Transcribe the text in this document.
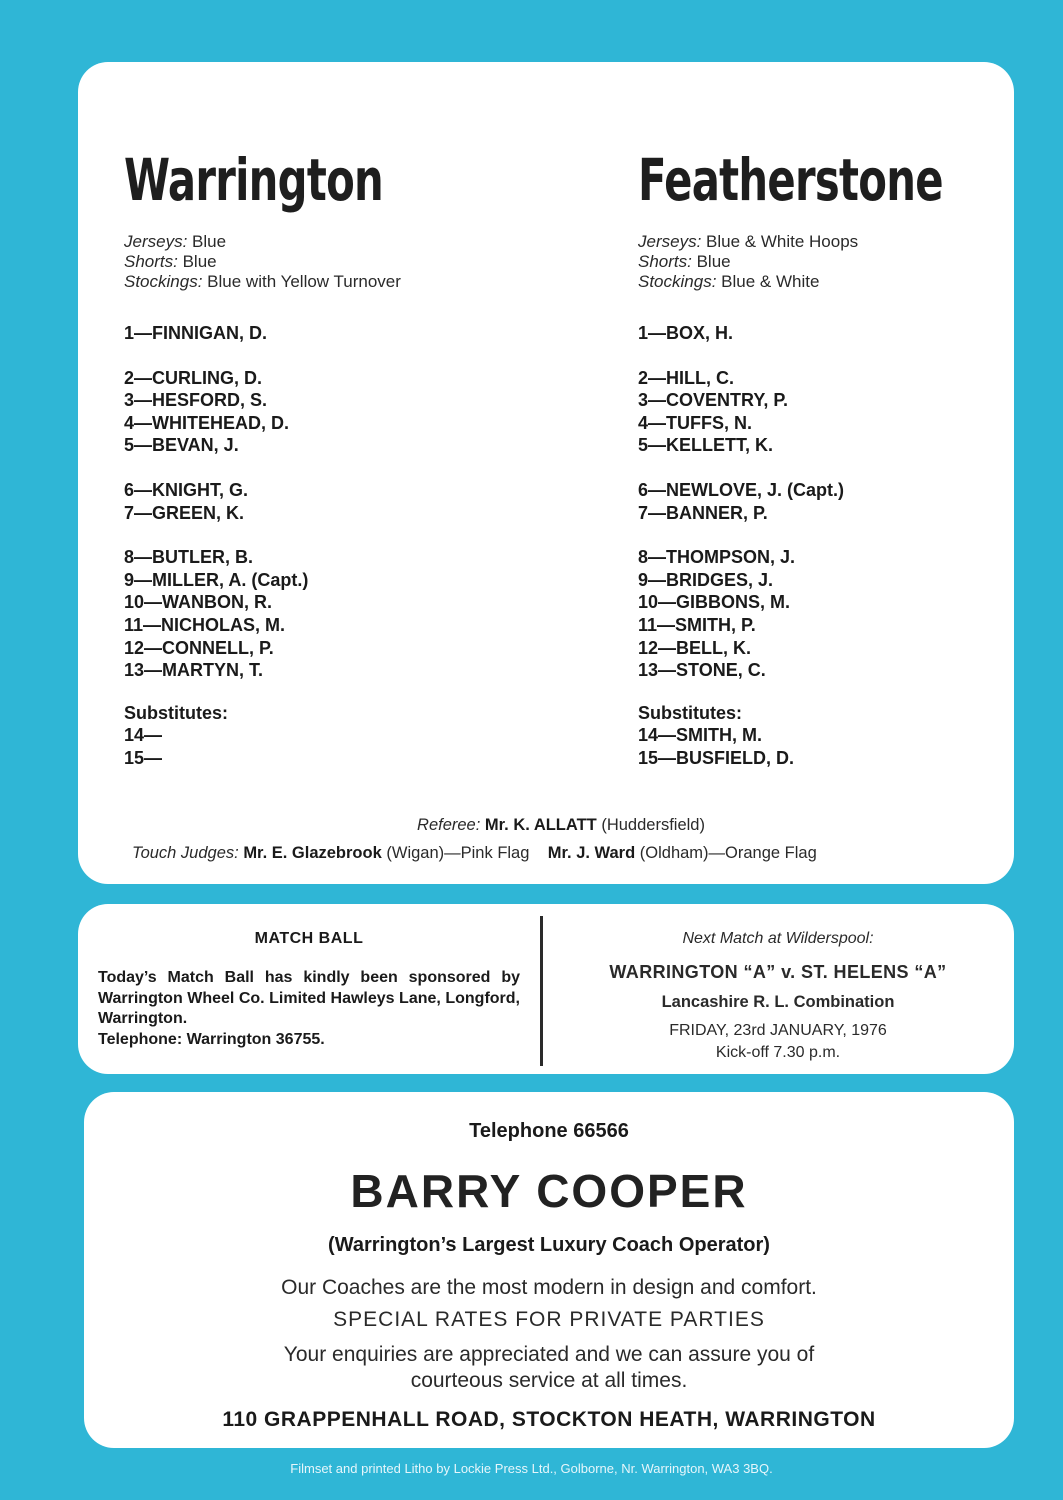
Warrington
Jerseys: Blue
Shorts: Blue
Stockings: Blue with Yellow Turnover
1—FINNIGAN, D.
2—CURLING, D.
3—HESFORD, S.
4—WHITEHEAD, D.
5—BEVAN, J.
6—KNIGHT, G.
7—GREEN, K.
8—BUTLER, B.
9—MILLER, A. (Capt.)
10—WANBON, R.
11—NICHOLAS, M.
12—CONNELL, P.
13—MARTYN, T.
Substitutes:
14—
15—
Featherstone
Jerseys: Blue & White Hoops
Shorts: Blue
Stockings: Blue & White
1—BOX, H.
2—HILL, C.
3—COVENTRY, P.
4—TUFFS, N.
5—KELLETT, K.
6—NEWLOVE, J. (Capt.)
7—BANNER, P.
8—THOMPSON, J.
9—BRIDGES, J.
10—GIBBONS, M.
11—SMITH, P.
12—BELL, K.
13—STONE, C.
Substitutes:
14—SMITH, M.
15—BUSFIELD, D.
Referee: Mr. K. ALLATT (Huddersfield)
Touch Judges: Mr. E. Glazebrook (Wigan)—Pink Flag Mr. J. Ward (Oldham)—Orange Flag
MATCH BALL
Today’s Match Ball has kindly been sponsored by Warrington Wheel Co. Limited Hawleys Lane, Longford, Warrington.
Telephone: Warrington 36755.
Next Match at Wilderspool:
WARRINGTON “A” v. ST. HELENS “A”
Lancashire R. L. Combination
FRIDAY, 23rd JANUARY, 1976
Kick-off 7.30 p.m.
Telephone 66566
BARRY COOPER
(Warrington’s Largest Luxury Coach Operator)
Our Coaches are the most modern in design and comfort.
SPECIAL RATES FOR PRIVATE PARTIES
Your enquiries are appreciated and we can assure you of
courteous service at all times.
110 GRAPPENHALL ROAD, STOCKTON HEATH, WARRINGTON
Filmset and printed Litho by Lockie Press Ltd., Golborne, Nr. Warrington, WA3 3BQ.
